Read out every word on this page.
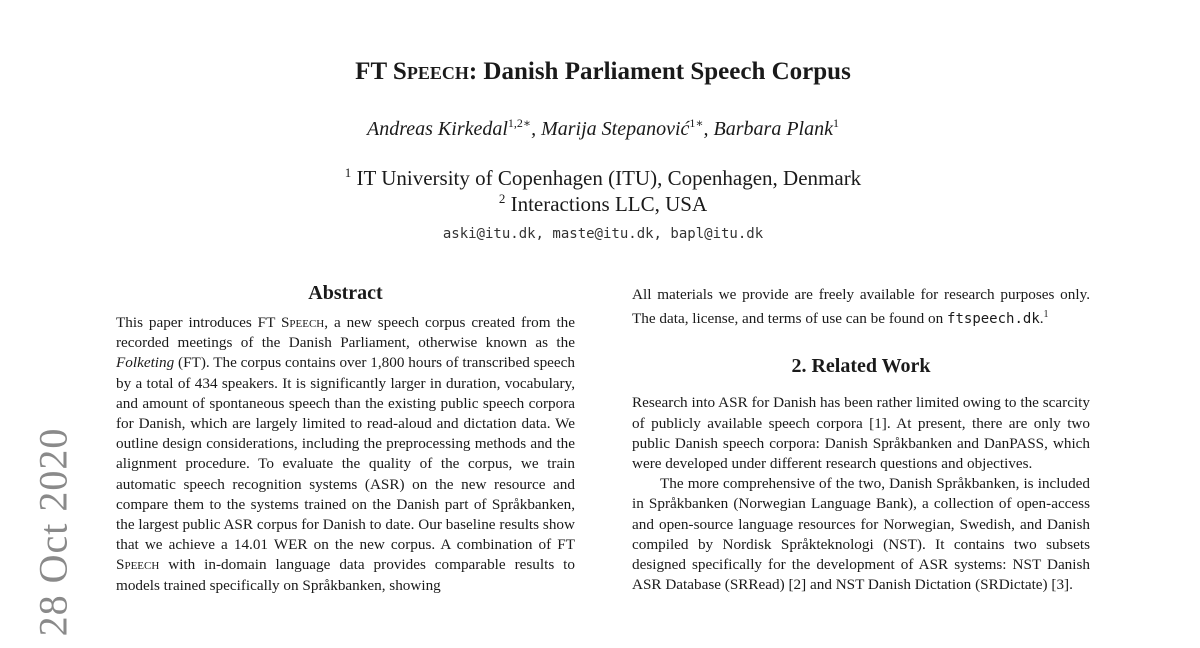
FT Speech: Danish Parliament Speech Corpus
Andreas Kirkedal$^{1,2∗}$, Marija Stepanović$^{1∗}$, Barbara Plank$^1$
$^1$ IT University of Copenhagen (ITU), Copenhagen, Denmark
$^2$ Interactions LLC, USA
aski@itu.dk, maste@itu.dk, bapl@itu.dk
Abstract

This paper introduces FT Speech, a new speech corpus created from the recorded meetings of the Danish Parliament, otherwise known as the Folketing (FT). The corpus contains over 1,800 hours of transcribed speech by a total of 434 speakers. It is significantly larger in duration, vocabulary, and amount of spontaneous speech than the existing public speech corpora for Danish, which are largely limited to read-aloud and dictation data. We outline design considerations, including the preprocessing methods and the alignment procedure. To evaluate the quality of the corpus, we train automatic speech recognition systems (ASR) on the new resource and compare them to the systems trained on the Danish part of Språkbanken, the largest public ASR corpus for Danish to date. Our baseline results show that we achieve a 14.01 WER on the new corpus. A combination of FT Speech with in-domain language data provides comparable results to models trained specifically on Språkbanken, showing

All materials we provide are freely available for research purposes only. The data, license, and terms of use can be found on ftspeech.dk.$^1$

2. Related Work

Research into ASR for Danish has been rather limited owing to the scarcity of publicly available speech corpora [1]. At present, there are only two public Danish speech corpora: Danish Språkbanken and DanPASS, which were developed under different research questions and objectives.

The more comprehensive of the two, Danish Språkbanken, is included in Språkbanken (Norwegian Language Bank), a collection of open-access and open-source language resources for Norwegian, Swedish, and Danish compiled by Nordisk Språkteknologi (NST). It contains two subsets designed specifically for the development of ASR systems: NST Danish ASR Database (SRRead) [2] and NST Danish Dictation (SRDictate) [3].

28 Oct 2020
